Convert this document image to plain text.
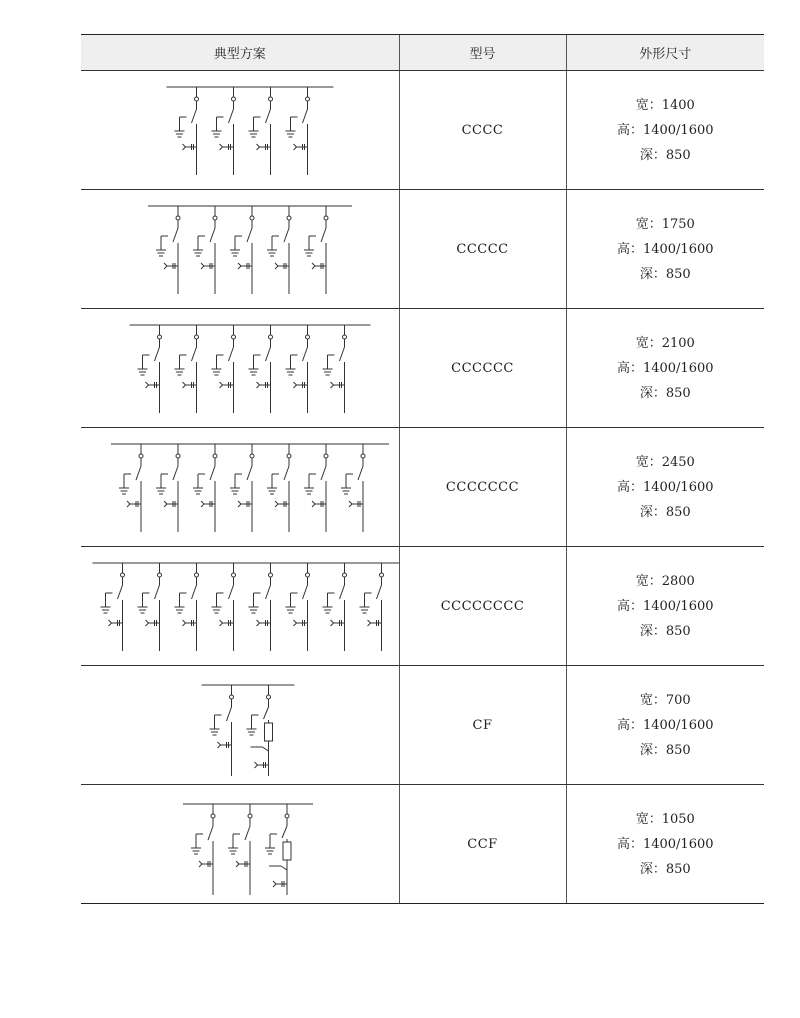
典型方案	型号	外形尺寸

	CCCC	宽：1400
高：1400/1600
深：850

	CCCCC	宽：1750
高：1400/1600
深：850

	CCCCCC	宽：2100
高：1400/1600
深：850

	CCCCCCC	宽：2450
高：1400/1600
深：850

	CCCCCCCC	宽：2800
高：1400/1600
深：850

	CF	宽：700
高：1400/1600
深：850

	CCF	宽：1050
高：1400/1600
深：850
